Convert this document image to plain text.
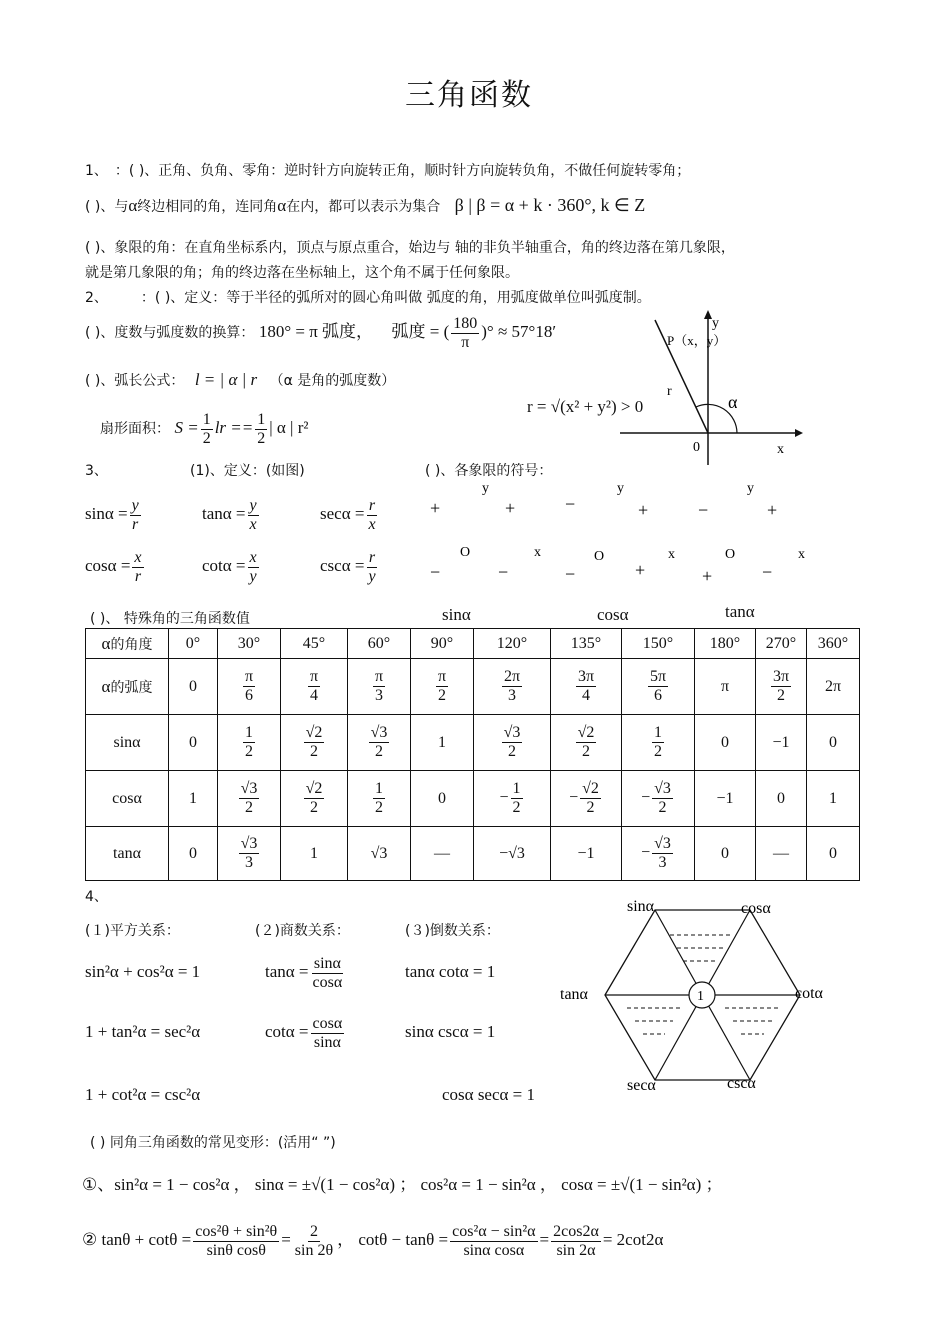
三角函数
1、 ：( )、正角、负角、零角：逆时针方向旋转正角，顺时针方向旋转负角，不做任何旋转零角；
( )、与α终边相同的角，连同角α在内，都可以表示为集合 β | β = α + k · 360°, k ∈ Z
( )、象限的角：在直角坐标系内，顶点与原点重合，始边与 轴的非负半轴重合，角的终边落在第几象限，
就是第几象限的角；角的终边落在坐标轴上，这个角不属于任何象限。
2、	：( )、定义：等于半径的弧所对的圆心角叫做 弧度的角，用弧度做单位叫弧度制。
( )、度数与弧度数的换算： 180° = π 弧度， 弧度 = ( $\frac{180}{\pi}$ )° ≈ 57°18′
( )、弧长公式： l = | α | r （α 是角的弧度数）
扇形面积： $S = \frac{1}{2}$ lr == $\frac{1}{2}$ | α | r²
r = √(x² + y²) > 0
P（x，y）
r
α
0	x
y
3、	(1)、定义：(如图)	( )、各象限的符号：
$\sin\alpha = \frac{y}{r}$	$\tan\alpha = \frac{y}{x}$	$\sec\alpha = \frac{r}{x}$
$\cos\alpha = \frac{x}{r}$	$\cot\alpha = \frac{x}{y}$	$\csc\alpha = \frac{r}{y}$
y
+	+
O	x
−	−
y
−	+
O	x
−	+
y
−	+
O	x
+	−
( )、 特殊角的三角函数值	sinα	cosα	tanα
α的角度	0°	30°	45°	60°	90°	120°	135°	150°	180°	270°	360°
α的弧度	0	$\frac{\pi}{6}$	$\frac{\pi}{4}$	$\frac{\pi}{3}$	$\frac{\pi}{2}$	$\frac{2\pi}{3}$	$\frac{3\pi}{4}$	$\frac{5\pi}{6}$	π	$\frac{3\pi}{2}$	2π
sinα	0	$\frac{1}{2}$	$\frac{√2}{2}$	$\frac{√3}{2}$	1	$\frac{√3}{2}$	$\frac{√2}{2}$	$\frac{1}{2}$	0	−1	0
cosα	1	$\frac{√3}{2}$	$\frac{√2}{2}$	$\frac{1}{2}$	0	− $\frac{1}{2}$	− $\frac{√2}{2}$	− $\frac{√3}{2}$	−1	0	1
tanα	0	$\frac{√3}{3}$	1	√3	—	−√3	−1	− $\frac{√3}{3}$	0	—	0
4、
(１)平方关系：	(２)商数关系：	(３)倒数关系：
sin²α + cos²α = 1
1 + tan²α = sec²α
1 + cot²α = csc²α
$\tan\alpha = \frac{\sin\alpha}{\cos\alpha}$
$\cot\alpha = \frac{\cos\alpha}{\sin\alpha}$
tanα cotα = 1
sinα cscα = 1
cosα secα = 1
1
sinα	cosα
tanα	cotα
secα	cscα
( ) 同角三角函数的常见变形：(活用“ ”)
①、sin²α = 1 − cos²α ， sinα = ±√(1 − cos²α) ； cos²α = 1 − sin²α ， cosα = ±√(1 − sin²α) ；
② $\tan\theta + \cot\theta = \frac{\text{cos²θ + sin²θ}}{\text{sinθ cosθ}} = \frac{2}{\sin 2\theta}$ ， $\cot\theta - \tan\theta = \frac{\text{cos²α − sin²α}}{\text{sinα cosα}} = \frac{2\cos 2\alpha}{\sin 2\alpha} = 2\cot 2\alpha$
